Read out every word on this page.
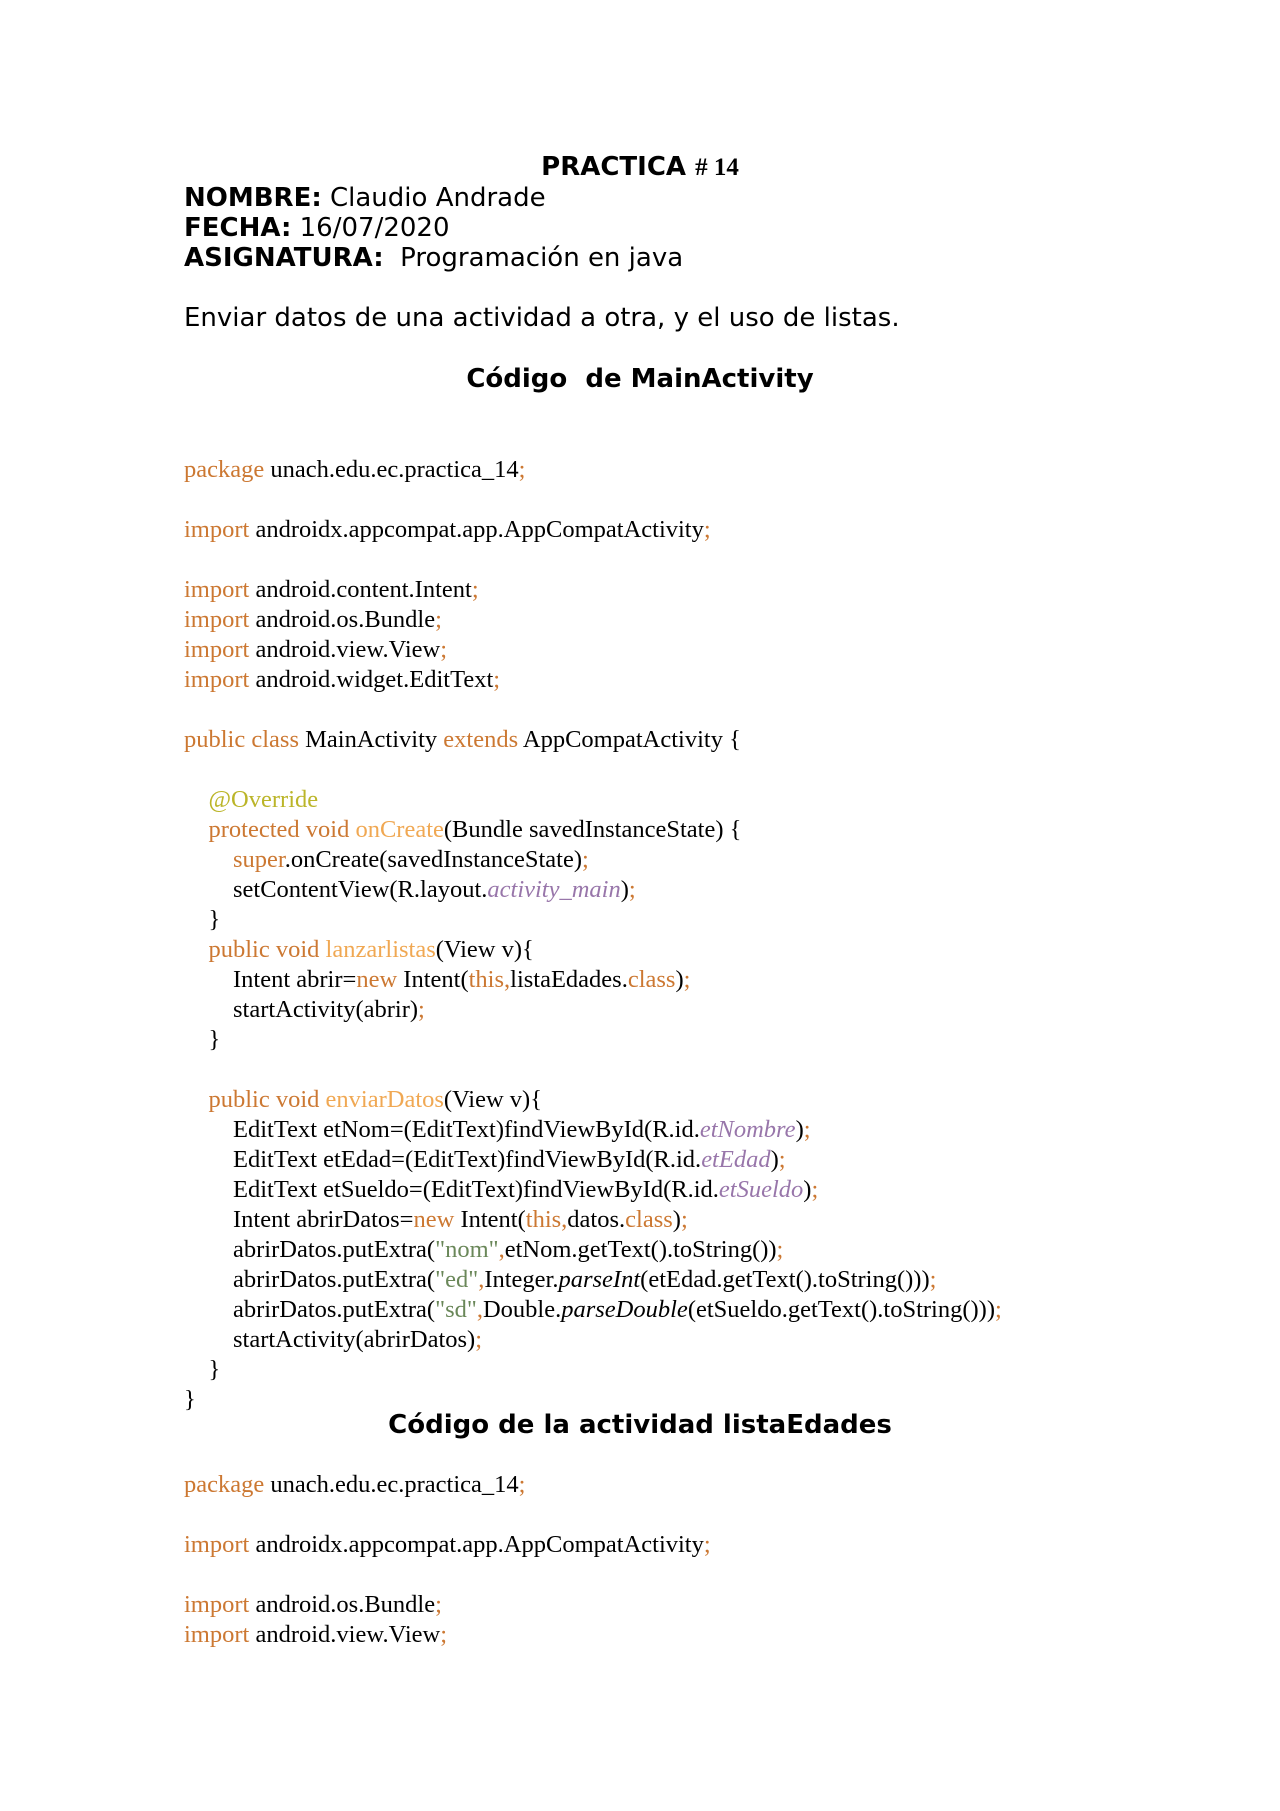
PRACTICA # 14
NOMBRE: Claudio Andrade
FECHA: 16/07/2020
ASIGNATURA:  Programación en java
Enviar datos de una actividad a otra, y el uso de listas.
Código  de MainActivity
package unach.edu.ec.practica_14;

import androidx.appcompat.app.AppCompatActivity;

import android.content.Intent;
import android.os.Bundle;
import android.view.View;
import android.widget.EditText;

public class MainActivity extends AppCompatActivity {

@Override
protected void onCreate(Bundle savedInstanceState) {
super.onCreate(savedInstanceState);
setContentView(R.layout.activity_main);
}
public void lanzarlistas(View v){
Intent abrir=new Intent(this,listaEdades.class);
startActivity(abrir);
}

public void enviarDatos(View v){
EditText etNom=(EditText)findViewById(R.id.etNombre);
EditText etEdad=(EditText)findViewById(R.id.etEdad);
EditText etSueldo=(EditText)findViewById(R.id.etSueldo);
Intent abrirDatos=new Intent(this,datos.class);
abrirDatos.putExtra("nom",etNom.getText().toString());
abrirDatos.putExtra("ed",Integer.parseInt(etEdad.getText().toString()));
abrirDatos.putExtra("sd",Double.parseDouble(etSueldo.getText().toString()));
startActivity(abrirDatos);
}
}
Código de la actividad listaEdades
package unach.edu.ec.practica_14;

import androidx.appcompat.app.AppCompatActivity;

import android.os.Bundle;
import android.view.View;
